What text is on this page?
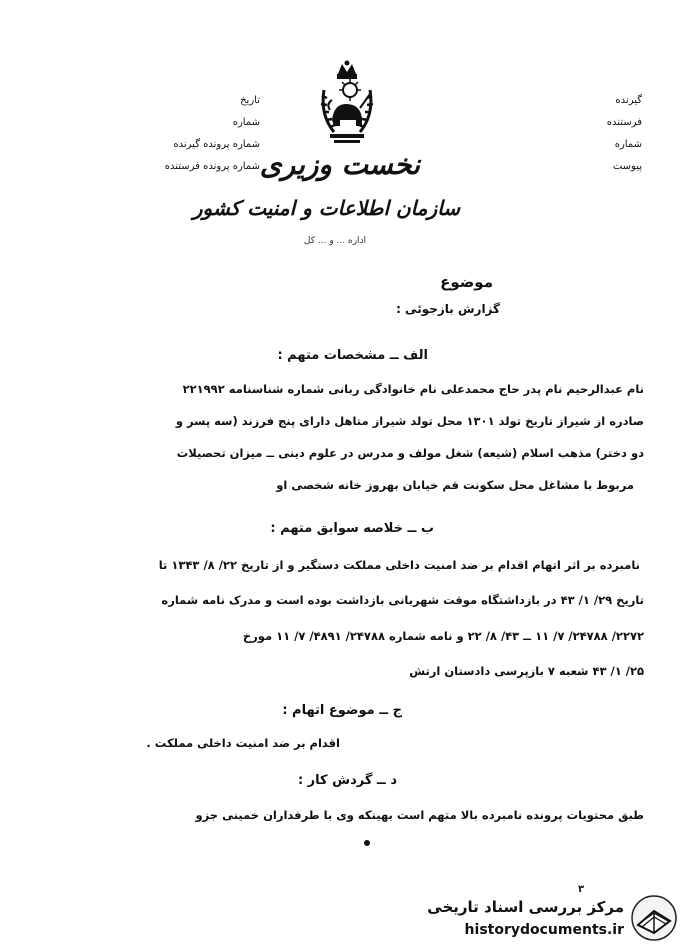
گیرنده
فرستنده
شماره
پیوست
تاریخ
شماره
شماره پرونده گیرنده
شماره پرونده فرستنده نخست وزیری
سازمان اطلاعات و امنیت کشور
اداره ... و ... کل
موضوع
گزارش بازجوئی :
الف ــ مشخصات متهم :
نام عبدالرحیم نام پدر حاج محمدعلی نام خانوادگی ربانی شماره شناسنامه ۲۲۱۹۹۲
صادره از شیراز تاریخ تولد ۱۳۰۱ محل تولد شیراز متاهل دارای پنج فرزند (سه پسر و
دو دختر) مذهب اسلام (شیعه) شغل مولف و مدرس در علوم دینی ــ میزان تحصیلات
مربوط با مشاغل محل سکونت قم خیابان بهروز خانه شخصی او
ب ــ خلاصه سوابق متهم :
نامبرده بر اثر اتهام اقدام بر ضد امنیت داخلی مملکت دستگیر و از تاریخ ۲۲/ ۸/ ۱۳۴۳ تا
تاریخ ۲۹/ ۱/ ۴۳ در بازداشتگاه موقت شهربانی بازداشت بوده است و مدرک نامه شماره
۲۲۷۲/ ۲۴۷۸۸/ ۷/ ۱۱ ــ ۴۳/ ۸/ ۲۲ و نامه شماره ۲۴۷۸۸/ ۴۸۹۱/ ۷/ ۱۱ مورخ
۲۵/ ۱/ ۴۳ شعبه ۷ بازپرسی دادستان ارتش
ج ــ موضوع اتهام :
اقدام بر ضد امنیت داخلی مملکت .
د ــ گردش کار :
طبق محتویات پرونده نامبرده بالا متهم است بهینکه وی با طرفداران خمینی جزو
۳
مرکز بررسی اسناد تاریخی
historydocuments.ir
